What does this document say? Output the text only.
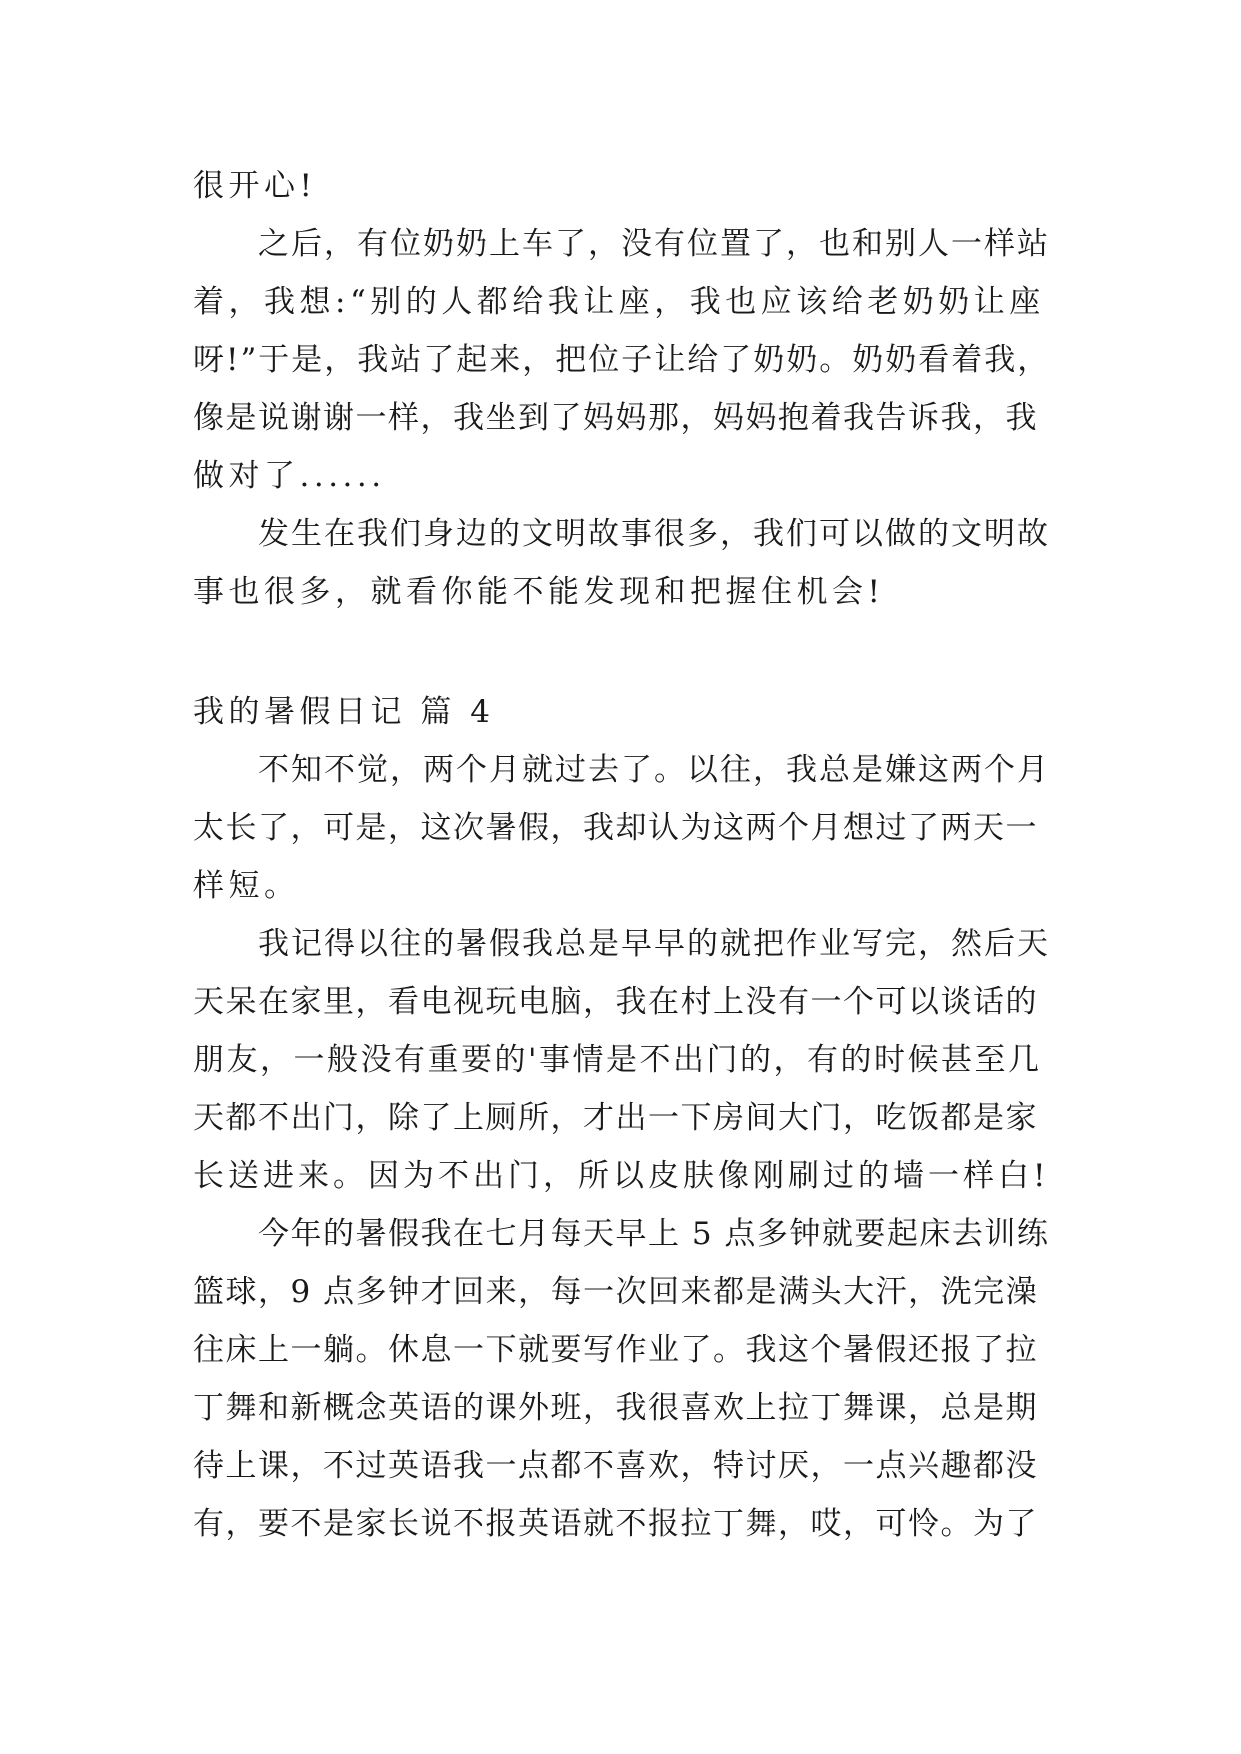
很开心!
之后，有位奶奶上车了，没有位置了，也和别人一样站
着，我想:“别的人都给我让座，我也应该给老奶奶让座
呀!”于是，我站了起来，把位子让给了奶奶。奶奶看着我，
像是说谢谢一样，我坐到了妈妈那，妈妈抱着我告诉我，我
做对了......
发生在我们身边的文明故事很多，我们可以做的文明故
事也很多，就看你能不能发现和把握住机会!
我的暑假日记 篇 4
不知不觉，两个月就过去了。以往，我总是嫌这两个月
太长了，可是，这次暑假，我却认为这两个月想过了两天一
样短。
我记得以往的暑假我总是早早的就把作业写完，然后天
天呆在家里，看电视玩电脑，我在村上没有一个可以谈话的
朋友，一般没有重要的'事情是不出门的，有的时候甚至几
天都不出门，除了上厕所，才出一下房间大门，吃饭都是家
长送进来。因为不出门，所以皮肤像刚刷过的墙一样白!
今年的暑假我在七月每天早上 5 点多钟就要起床去训练
篮球，9 点多钟才回来，每一次回来都是满头大汗，洗完澡
往床上一躺。休息一下就要写作业了。我这个暑假还报了拉
丁舞和新概念英语的课外班，我很喜欢上拉丁舞课，总是期
待上课，不过英语我一点都不喜欢，特讨厌，一点兴趣都没
有，要不是家长说不报英语就不报拉丁舞，哎，可怜。为了
